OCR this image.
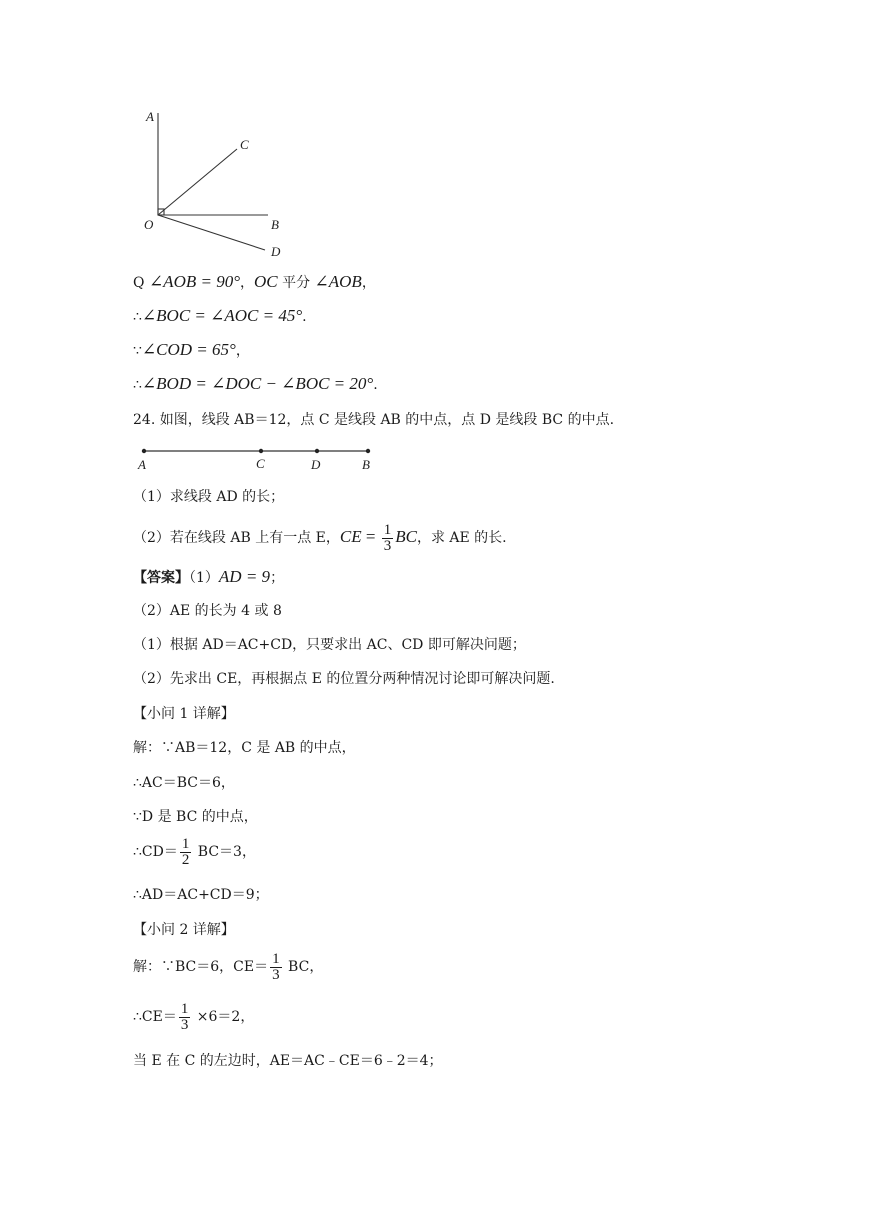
A
C
O	B
D
Q ∠AOB = 90°，OC 平分 ∠AOB，
∴∠BOC = ∠AOC = 45°.
∵∠COD = 65°，
∴∠BOD = ∠DOC − ∠BOC = 20°.
24. 如图，线段 AB＝12，点 C 是线段 AB 的中点，点 D 是线段 BC 的中点.
A	C	D	B
（1）求线段 AD 的长；
（2）若在线段 AB 上有一点 E，CE = $\frac{1}{3}$ BC，求 AE 的长.
【答案】（1）AD = 9；
（2）AE 的长为 4 或 8
（1）根据 AD＝AC+CD，只要求出 AC、CD 即可解决问题；
（2）先求出 CE，再根据点 E 的位置分两种情况讨论即可解决问题.
【小问 1 详解】
解：∵AB＝12，C 是 AB 的中点，
∴AC＝BC＝6，
∵D 是 BC 的中点，
∴CD＝ $\frac{1}{2} BC=3$，
∴AD＝AC+CD＝9；
【小问 2 详解】
解：∵BC＝6，$CE= \frac{1}{3}$ BC，
∴CE＝ $\frac{1}{3} \times 6=2$，
当 E 在 C 的左边时，AE＝AC﹣CE＝6﹣2＝4；
